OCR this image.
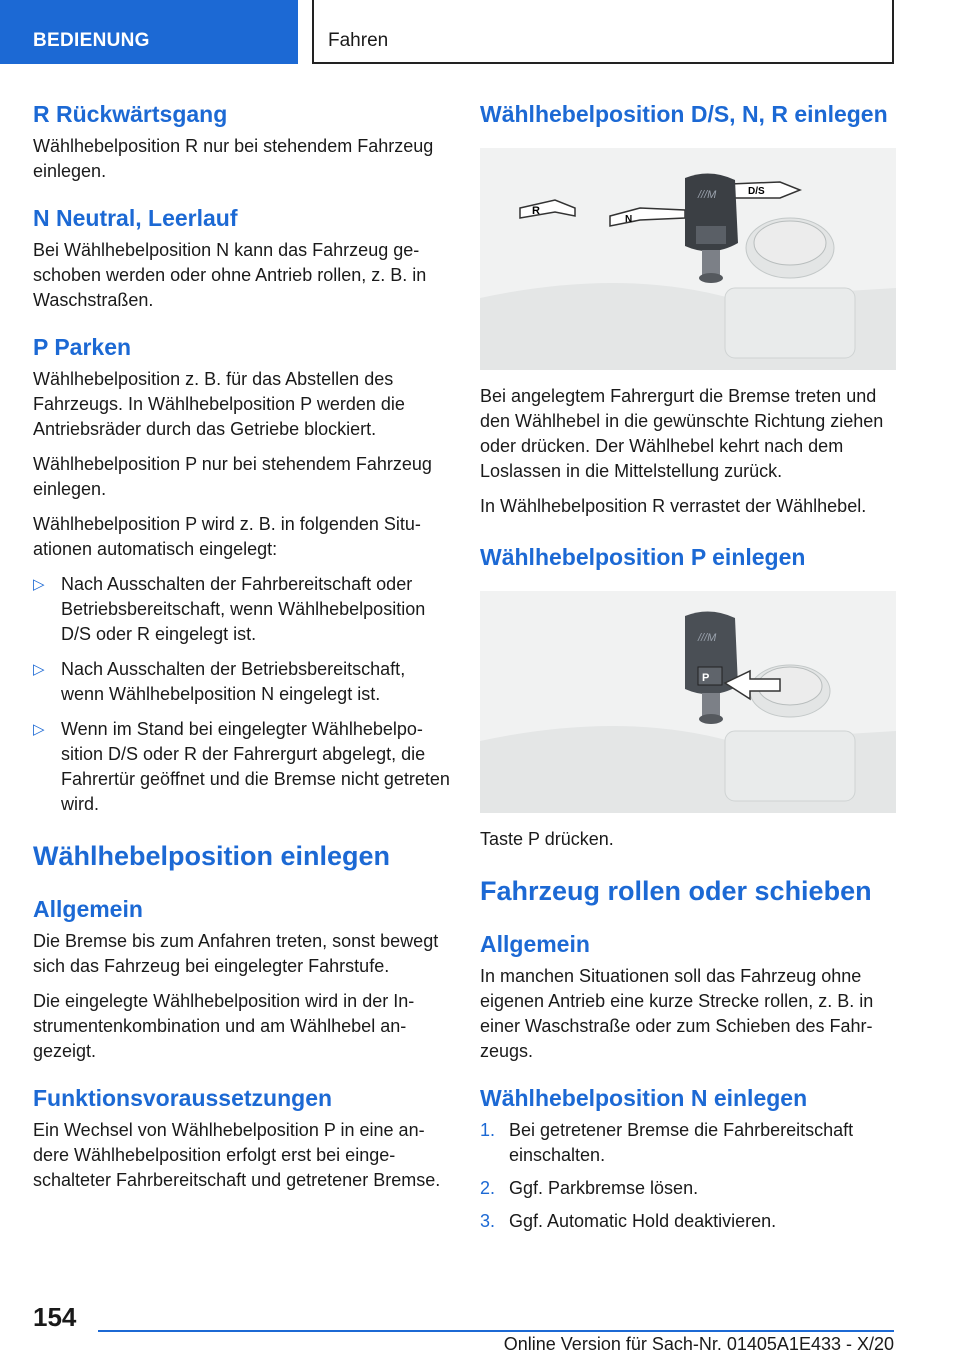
BEDIENUNG	Fahren
R Rückwärtsgang

Wählhebelposition R nur bei stehendem Fahrzeug einlegen.

N Neutral, Leerlauf

Bei Wählhebelposition N kann das Fahrzeug geschoben werden oder ohne Antrieb rollen, z. B. in Waschstraßen.

P Parken

Wählhebelposition z. B. für das Abstellen des Fahrzeugs. In Wählhebelposition P werden die Antriebsräder durch das Getriebe blockiert.

Wählhebelposition P nur bei stehendem Fahrzeug einlegen.

Wählhebelposition P wird z. B. in folgenden Situationen automatisch eingelegt:

▷ Nach Ausschalten der Fahrbereitschaft oder Betriebsbereitschaft, wenn Wählhebelposition D/S oder R eingelegt ist.
▷ Nach Ausschalten der Betriebsbereitschaft, wenn Wählhebelposition N eingelegt ist.
▷ Wenn im Stand bei eingelegter Wählhebelposition D/S oder R der Fahrergurt abgelegt, die Fahrertür geöffnet und die Bremse nicht getreten wird.
Wählhebelposition einlegen
Allgemein

Die Bremse bis zum Anfahren treten, sonst bewegt sich das Fahrzeug bei eingelegter Fahrstufe.

Die eingelegte Wählhebelposition wird in der Instrumentenkombination und am Wählhebel angezeigt.

Funktionsvoraussetzungen

Ein Wechsel von Wählhebelposition P in eine andere Wählhebelposition erfolgt erst bei eingeschalteter Fahrbereitschaft und getretener Bremse.

Wählhebelposition D/S, N, R einlegen
R
N
D/S
///M

Bei angelegtem Fahrergurt die Bremse treten und den Wählhebel in die gewünschte Richtung ziehen oder drücken. Der Wählhebel kehrt nach dem Loslassen in die Mittelstellung zurück.

In Wählhebelposition R verrastet der Wählhebel.

Wählhebelposition P einlegen
P
///M

Taste P drücken.

Fahrzeug rollen oder schieben
Allgemein

In manchen Situationen soll das Fahrzeug ohne eigenen Antrieb eine kurze Strecke rollen, z. B. in einer Waschstraße oder zum Schieben des Fahrzeugs.

Wählhebelposition N einlegen
1. Bei getretener Bremse die Fahrbereitschaft einschalten.
2. Ggf. Parkbremse lösen.
3. Ggf. Automatic Hold deaktivieren.
154
Online Version für Sach-Nr. 01405A1E433 - X/20
